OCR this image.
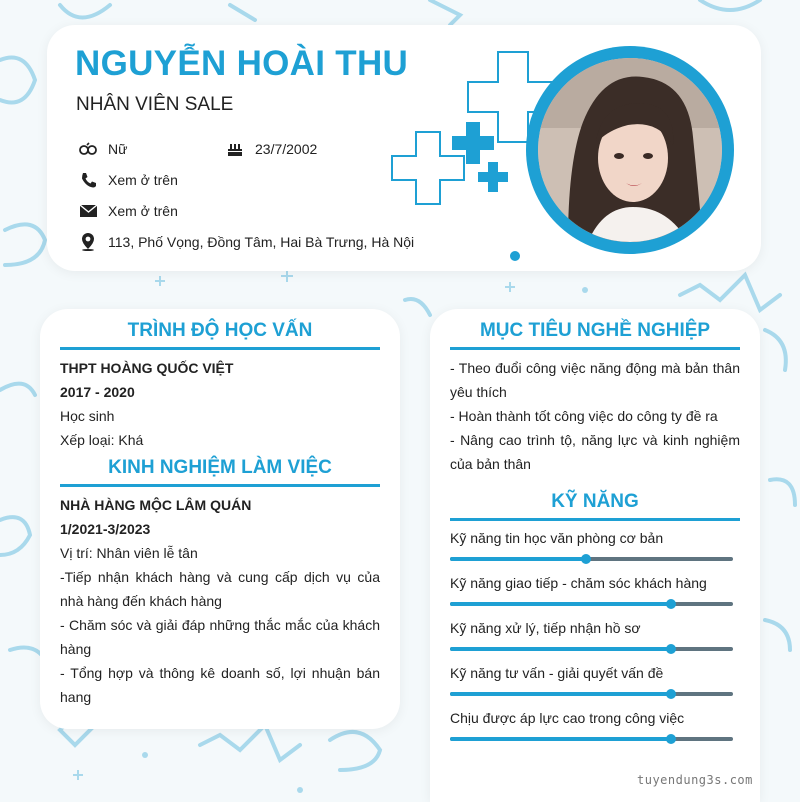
NGUYỄN HOÀI THU
NHÂN VIÊN SALE
Nữ	23/7/2002
Xem ở trên
Xem ở trên
113, Phố Vọng, Đồng Tâm, Hai Bà Trưng, Hà Nội
TRÌNH ĐỘ HỌC VẤN
THPT HOÀNG QUỐC VIỆT
2017 - 2020
Học sinh
Xếp loại: Khá
KINH NGHIỆM LÀM VIỆC
NHÀ HÀNG MỘC LÂM QUÁN
1/2021-3/2023
Vị trí: Nhân viên lễ tân
-Tiếp nhận khách hàng và cung cấp dịch vụ của nhà hàng đến khách hàng
- Chăm sóc và giải đáp những thắc mắc của khách hàng
- Tổng hợp và thông kê doanh số, lợi nhuận bán hang
MỤC TIÊU NGHỀ NGHIỆP
- Theo đuổi công việc năng động mà bản thân yêu thích
- Hoàn thành tốt công việc do công ty đề ra
- Nâng cao trình tộ, năng lực và kinh nghiệm của bản thân
KỸ NĂNG
Kỹ năng tin học văn phòng cơ bản
Kỹ năng giao tiếp - chăm sóc khách hàng
Kỹ năng xử lý, tiếp nhận hồ sơ
Kỹ năng tư vấn - giải quyết vấn đề
Chịu được áp lực cao trong công việc
tuyendung3s.com
